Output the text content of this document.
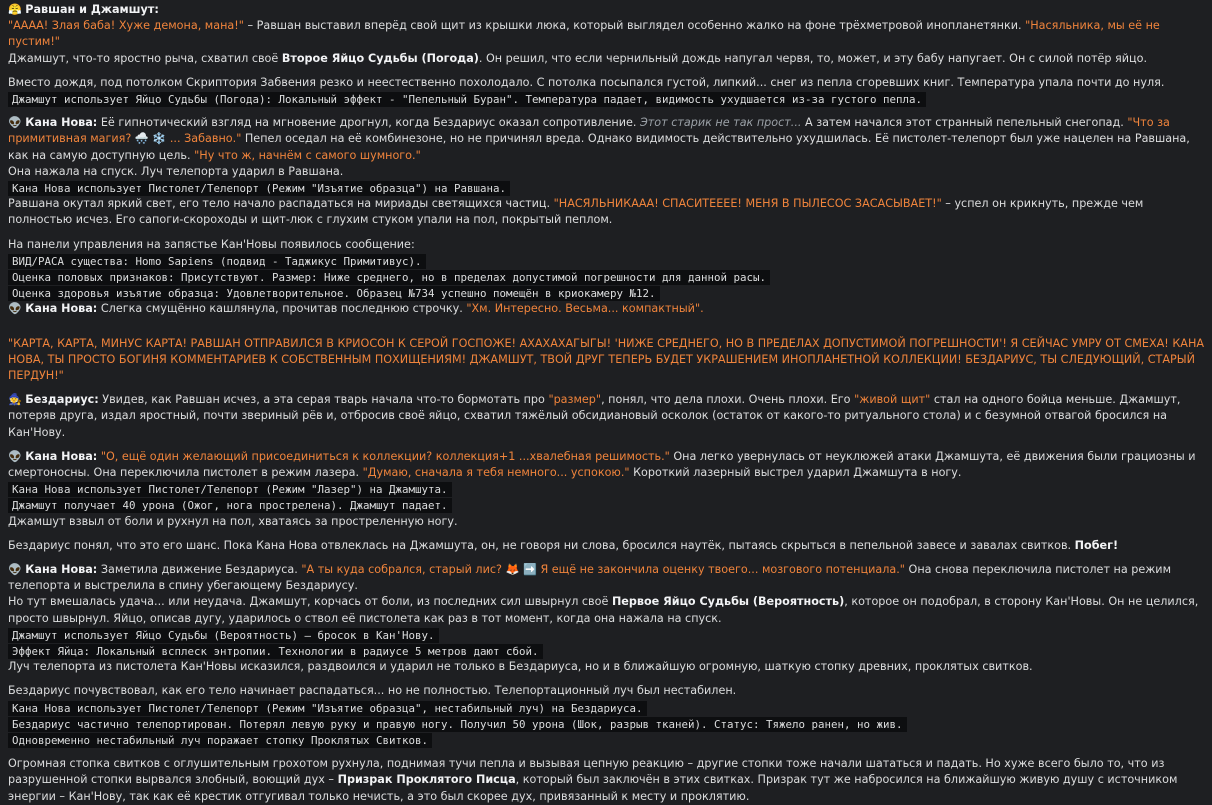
😤 Равшан и Джамшут:
"АААА! Злая баба! Хуже демона, мана!" – Равшан выставил вперёд свой щит из крышки люка, который выглядел особенно жалко на фоне трёхметровой инопланетянки. "Насяльника, мы её не пустим!"
Джамшут, что-то яростно рыча, схватил своё Второе Яйцо Судьбы (Погода). Он решил, что если чернильный дождь напугал червя, то, может, и эту бабу напугает. Он с силой потёр яйцо.
Вместо дождя, под потолком Скриптория Забвения резко и неестественно похолодало. С потолка посыпался густой, липкий... снег из пепла сгоревших книг. Температура упала почти до нуля.
Джамшут использует Яйцо Судьбы (Погода): Локальный эффект - "Пепельный Буран". Температура падает, видимость ухудшается из-за густого пепла.
👽 Кана Нова: Её гипнотический взгляд на мгновение дрогнул, когда Бездариус оказал сопротивление. Этот старик не так прост... А затем начался этот странный пепельный снегопад. "Что за примитивная магия? 🌨️ ❄️ ... Забавно." Пепел оседал на её комбинезоне, но не причинял вреда. Однако видимость действительно ухудшилась. Её пистолет-телепорт был уже нацелен на Равшана, как на самую доступную цель. "Ну что ж, начнём с самого шумного."
Она нажала на спуск. Луч телепорта ударил в Равшана.
Кана Нова использует Пистолет/Телепорт (Режим "Изъятие образца") на Равшана.
Равшана окутал яркий свет, его тело начало распадаться на мириады светящихся частиц. "НАСЯЛЬНИКААА! СПАСИТЕЕЕЕ! МЕНЯ В ПЫЛЕСОС ЗАСАСЫВАЕТ!" – успел он крикнуть, прежде чем полностью исчез. Его сапоги-скороходы и щит-люк с глухим стуком упали на пол, покрытый пеплом.
На панели управления на запястье Кан'Новы появилось сообщение:
ВИД/РАСА существа: Homo Sapiens (подвид - Таджикус Примитивус).
Оценка половых признаков: Присутствуют. Размер: Ниже среднего, но в пределах допустимой погрешности для данной расы.
Оценка здоровья изъятие образца: Удовлетворительное. Образец №734 успешно помещён в криокамеру №12.
👽 Кана Нова: Слегка смущённо кашлянула, прочитав последнюю строчку. "Хм. Интересно. Весьма... компактный".
"КАРТА, КАРТА, МИНУС КАРТА! РАВШАН ОТПРАВИЛСЯ В КРИОСОН К СЕРОЙ ГОСПОЖЕ! АХАХАХАГЫГЫ! 'НИЖЕ СРЕДНЕГО, НО В ПРЕДЕЛАХ ДОПУСТИМОЙ ПОГРЕШНОСТИ'! Я СЕЙЧАС УМРУ ОТ СМЕХА! КАНА НОВА, ТЫ ПРОСТО БОГИНЯ КОММЕНТАРИЕВ К СОБСТВЕННЫМ ПОХИЩЕНИЯМ! ДЖАМШУТ, ТВОЙ ДРУГ ТЕПЕРЬ БУДЕТ УКРАШЕНИЕМ ИНОПЛАНЕТНОЙ КОЛЛЕКЦИИ! БЕЗДАРИУС, ТЫ СЛЕДУЮЩИЙ, СТАРЫЙ ПЕРДУН!"
🧙 Бездариус: Увидев, как Равшан исчез, а эта серая тварь начала что-то бормотать про "размер", понял, что дела плохи. Очень плохи. Его "живой щит" стал на одного бойца меньше. Джамшут, потеряв друга, издал яростный, почти звериный рёв и, отбросив своё яйцо, схватил тяжёлый обсидиановый осколок (остаток от какого-то ритуального стола) и с безумной отвагой бросился на Кан'Нову.
👽 Кана Нова: "О, ещё один желающий присоединиться к коллекции? коллекция+1 ...хвалебная решимость." Она легко увернулась от неуклюжей атаки Джамшута, её движения были грациозны и смертоносны. Она переключила пистолет в режим лазера. "Думаю, сначала я тебя немного... успокою." Короткий лазерный выстрел ударил Джамшута в ногу.
Кана Нова использует Пистолет/Телепорт (Режим "Лазер") на Джамшута.
Джамшут получает 40 урона (Ожог, нога прострелена). Джамшут падает.
Джамшут взвыл от боли и рухнул на пол, хватаясь за простреленную ногу.
Бездариус понял, что это его шанс. Пока Кана Нова отвлеклась на Джамшута, он, не говоря ни слова, бросился наутёк, пытаясь скрыться в пепельной завесе и завалах свитков. Побег!
👽 Кана Нова: Заметила движение Бездариуса. "А ты куда собрался, старый лис? 🦊 ➡️ Я ещё не закончила оценку твоего... мозгового потенциала." Она снова переключила пистолет на режим телепорта и выстрелила в спину убегающему Бездариусу.
Но тут вмешалась удача... или неудача. Джамшут, корчась от боли, из последних сил швырнул своё Первое Яйцо Судьбы (Вероятность), которое он подобрал, в сторону Кан'Новы. Он не целился, просто швырнул. Яйцо, описав дугу, ударилось о ствол её пистолета как раз в тот момент, когда она нажала на спуск.
Джамшут использует Яйцо Судьбы (Вероятность) – бросок в Кан'Нову.
Эффект Яйца: Локальный всплеск энтропии. Технологии в радиусе 5 метров дают сбой.
Луч телепорта из пистолета Кан'Новы исказился, раздвоился и ударил не только в Бездариуса, но и в ближайшую огромную, шаткую стопку древних, проклятых свитков.
Бездариус почувствовал, как его тело начинает распадаться... но не полностью. Телепортационный луч был нестабилен.
Кана Нова использует Пистолет/Телепорт (Режим "Изъятие образца", нестабильный луч) на Бездариуса.
Бездариус частично телепортирован. Потерял левую руку и правую ногу. Получил 50 урона (Шок, разрыв тканей). Статус: Тяжело ранен, но жив.
Одновременно нестабильный луч поражает стопку Проклятых Свитков.
Огромная стопка свитков с оглушительным грохотом рухнула, поднимая тучи пепла и вызывая цепную реакцию – другие стопки тоже начали шататься и падать. Но хуже всего было то, что из разрушенной стопки вырвался злобный, воющий дух – Призрак Проклятого Писца, который был заключён в этих свитках. Призрак тут же набросился на ближайшую живую душу с источником энергии – Кан'Нову, так как её крестик отгугивал только нечисть, а это был скорее дух, привязанный к месту и проклятию.
